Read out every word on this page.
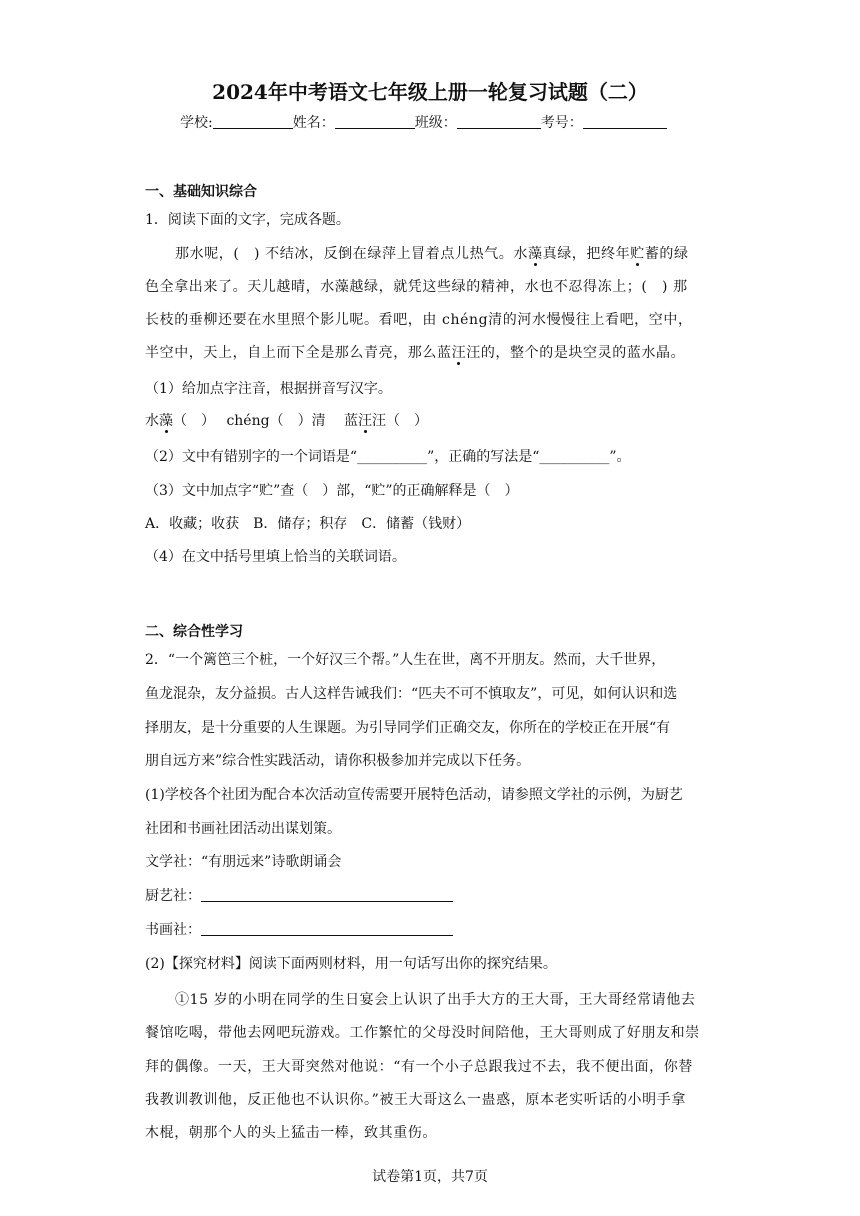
2024年中考语文七年级上册一轮复习试题（二）
学校:	姓名：	班级：	考号：
一、基础知识综合
1．阅读下面的文字，完成各题。
那水呢，(　) 不结冰，反倒在绿萍上冒着点儿热气。水藻真绿，把终年贮蓄的绿
色全拿出来了。天儿越晴，水藻越绿，就凭这些绿的精神，水也不忍得冻上；(　) 那
长枝的垂柳还要在水里照个影儿呢。看吧，由 chéng清的河水慢慢往上看吧，空中，
半空中，天上，自上而下全是那么青亮，那么蓝汪汪的，整个的是块空灵的蓝水晶。
（1）给加点字注音，根据拼音写汉字。
水藻（　）　 chéng（　）清　 蓝汪汪（　）
（2）文中有错别字的一个词语是“__________”，正确的写法是“__________”。
（3）文中加点字“贮”查（　）部，“贮”的正确解释是（　）
A．收藏；收获　B．储存；积存　C．储蓄（钱财）
（4）在文中括号里填上恰当的关联词语。
二、综合性学习
2．“一个篱笆三个桩，一个好汉三个帮。”人生在世，离不开朋友。然而，大千世界，
鱼龙混杂，友分益损。古人这样告诫我们：“匹夫不可不慎取友”，可见，如何认识和选
择朋友，是十分重要的人生课题。为引导同学们正确交友，你所在的学校正在开展“有
朋自远方来”综合性实践活动，请你积极参加并完成以下任务。
(1)学校各个社团为配合本次活动宣传需要开展特色活动，请参照文学社的示例，为厨艺
社团和书画社团活动出谋划策。
文学社：“有朋远来”诗歌朗诵会
厨艺社：
书画社：
(2)【探究材料】阅读下面两则材料，用一句话写出你的探究结果。
①15 岁的小明在同学的生日宴会上认识了出手大方的王大哥，王大哥经常请他去
餐馆吃喝，带他去网吧玩游戏。工作繁忙的父母没时间陪他，王大哥则成了好朋友和崇
拜的偶像。一天，王大哥突然对他说：“有一个小子总跟我过不去，我不便出面，你替
我教训教训他，反正他也不认识你。”被王大哥这么一蛊惑，原本老实听话的小明手拿
木棍，朝那个人的头上猛击一棒，致其重伤。
试卷第1页，共7页
